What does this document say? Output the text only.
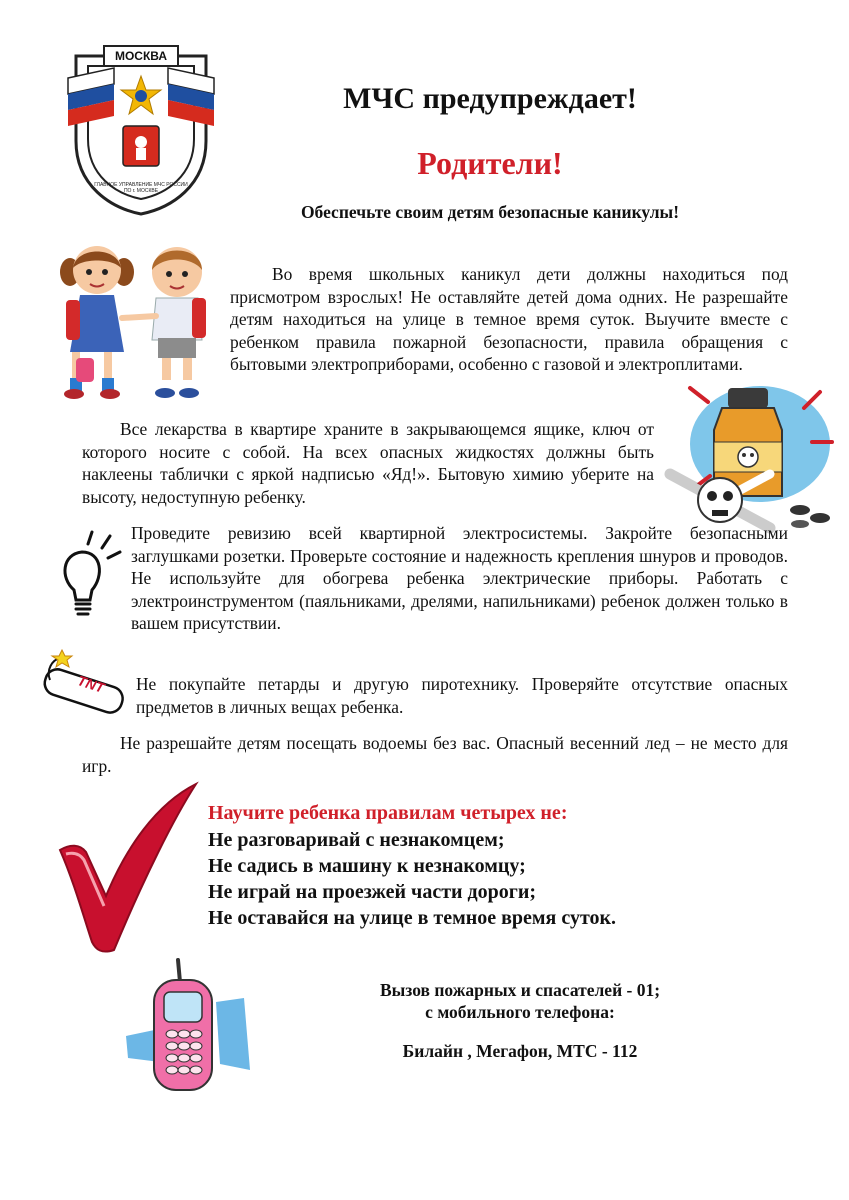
МОСКВА
ГЛАВНОЕ УПРАВЛЕНИЕ МЧС РОССИИ ПО г. МОСКВЕ
МЧС предупреждает!
Родители!
Обеспечьте своим детям безопасные каникулы!

Во время школьных каникул дети должны находиться под присмотром взрослых! Не оставляйте детей дома одних. Не разрешайте детям находиться на улице в темное время суток. Выучите вместе с ребенком правила пожарной безопасности, правила обращения с бытовыми электроприборами, особенно с газовой и электроплитами.

Все лекарства в квартире храните в закрывающемся ящике, ключ от которого носите с собой. На всех опасных жидкостях должны быть наклеены таблички с яркой надписью «Яд!». Бытовую химию уберите на высоту, недоступную ребенку.

Проведите ревизию всей квартирной электросистемы. Закройте безопасными заглушками розетки. Проверьте состояние и надежность крепления шнуров и проводов. Не используйте для обогрева ребенка электрические приборы. Работать с электроинструментом (паяльниками, дрелями, напильниками) ребенок должен только в вашем присутствии.

TNT	Не покупайте петарды и другую пиротехнику. Проверяйте отсутствие опасных предметов в личных вещах ребенка.

Не разрешайте детям посещать водоемы без вас. Опасный весенний лед – не место для игр.

Научите ребенка правилам четырех не:
Не разговаривай с незнакомцем;
Не садись в машину к незнакомцу;
Не играй на проезжей части дороги;
Не оставайся на улице в темное время суток.
Вызов пожарных и спасателей - 01;
с мобильного телефона:
Билайн , Мегафон, МТС - 112
